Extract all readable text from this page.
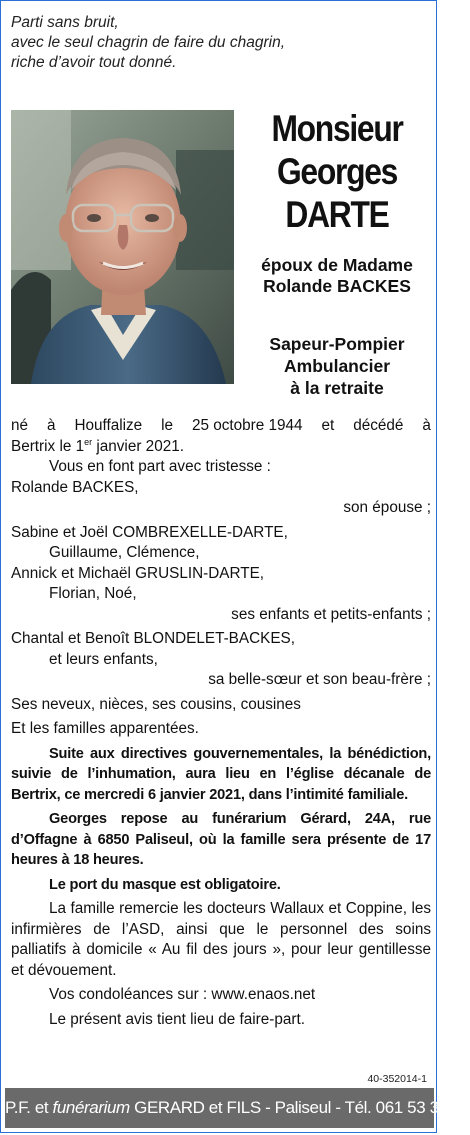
Parti sans bruit,
avec le seul chagrin de faire du chagrin,
riche d’avoir tout donné.
Monsieur
Georges
DARTE
époux de Madame
Rolande BACKES
Sapeur-Pompier
Ambulancier
à la retraite
né à Houffalize le 25 octobre 1944 et décédé à
Bertrix le 1er janvier 2021.
Vous en font part avec tristesse :
Rolande BACKES,
son épouse ;
Sabine et Joël COMBREXELLE-DARTE,
Guillaume, Clémence,
Annick et Michaël GRUSLIN-DARTE,
Florian, Noé,
ses enfants et petits-enfants ;
Chantal et Benoît BLONDELET-BACKES,
et leurs enfants,
sa belle-sœur et son beau-frère ;
Ses neveux, nièces, ses cousins, cousines
Et les familles apparentées.
Suite aux directives gouvernementales, la bénédiction, suivie de l’inhumation, aura lieu en l’église décanale de Bertrix, ce mercredi 6 janvier 2021, dans l’intimité familiale.
Georges repose au funérarium Gérard, 24A, rue d’Offagne à 6850 Paliseul, où la famille sera présente de 17 heures à 18 heures.
Le port du masque est obligatoire.
La famille remercie les docteurs Wallaux et Coppine, les infirmières de l’ASD, ainsi que le personnel des soins palliatifs à domicile « Au fil des jours », pour leur gentillesse et dévouement.
Vos condoléances sur : www.enaos.net
Le présent avis tient lieu de faire-part.
40-352014-1
P.F. et funérarium GERARD et FILS - Paliseul - Tél. 061 53 32 84
